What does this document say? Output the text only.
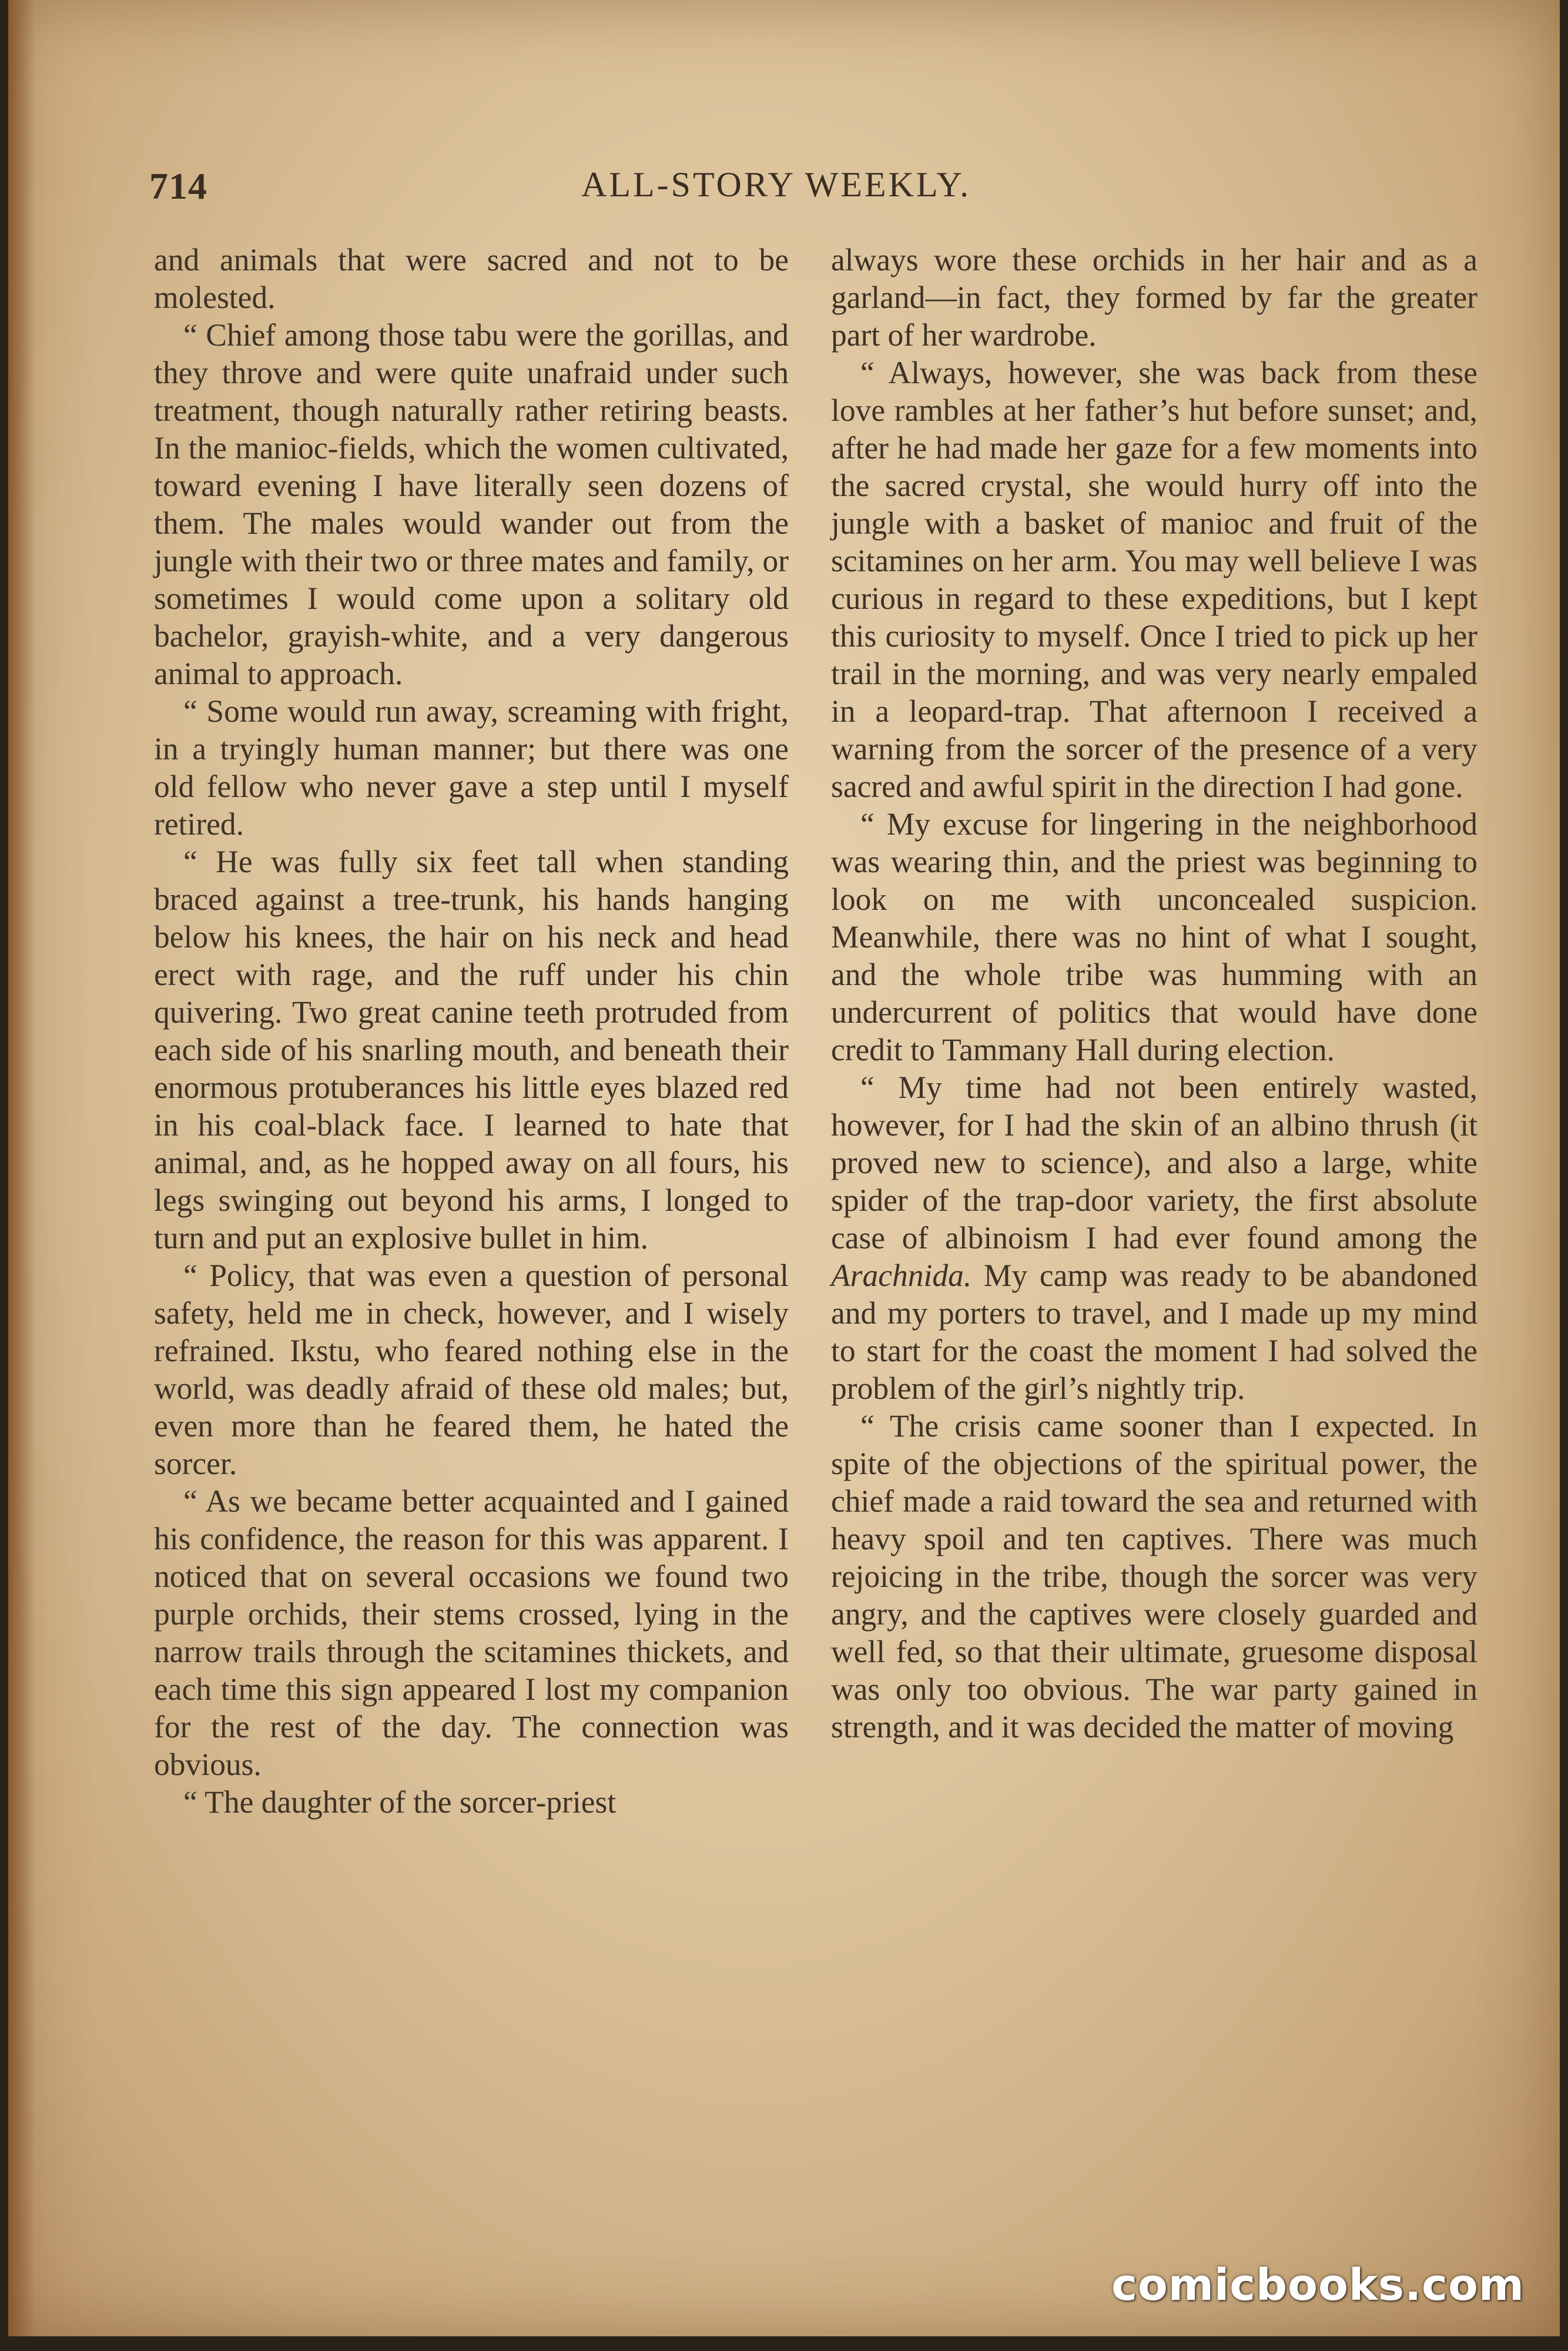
714	ALL-STORY WEEKLY.

and animals that were sacred and not to be molested.

“ Chief among those tabu were the gorillas, and they throve and were quite unafraid under such treatment, though naturally rather retiring beasts. In the manioc-fields, which the women cultivated, toward evening I have literally seen dozens of them. The males would wander out from the jungle with their two or three mates and family, or sometimes I would come upon a solitary old bachelor, grayish-white, and a very dangerous animal to approach.

“ Some would run away, screaming with fright, in a tryingly human manner; but there was one old fellow who never gave a step until I myself retired.

“ He was fully six feet tall when standing braced against a tree-trunk, his hands hanging below his knees, the hair on his neck and head erect with rage, and the ruff under his chin quivering. Two great canine teeth protruded from each side of his snarling mouth, and beneath their enormous protuberances his little eyes blazed red in his coal-black face. I learned to hate that animal, and, as he hopped away on all fours, his legs swinging out beyond his arms, I longed to turn and put an explosive bullet in him.

“ Policy, that was even a question of personal safety, held me in check, however, and I wisely refrained. Ikstu, who feared nothing else in the world, was deadly afraid of these old males; but, even more than he feared them, he hated the sorcer.

“ As we became better acquainted and I gained his confidence, the reason for this was apparent. I noticed that on several occasions we found two purple orchids, their stems crossed, lying in the narrow trails through the scitamines thickets, and each time this sign appeared I lost my companion for the rest of the day. The connection was obvious.

“ The daughter of the sorcer-priest

always wore these orchids in her hair and as a garland—in fact, they formed by far the greater part of her wardrobe.

“ Always, however, she was back from these love rambles at her father’s hut before sunset; and, after he had made her gaze for a few moments into the sacred crystal, she would hurry off into the jungle with a basket of manioc and fruit of the scitamines on her arm. You may well believe I was curious in regard to these expeditions, but I kept this curiosity to myself. Once I tried to pick up her trail in the morning, and was very nearly empaled in a leopard-trap. That afternoon I received a warning from the sorcer of the presence of a very sacred and awful spirit in the direction I had gone.

“ My excuse for lingering in the neighborhood was wearing thin, and the priest was beginning to look on me with unconcealed suspicion. Meanwhile, there was no hint of what I sought, and the whole tribe was humming with an undercurrent of politics that would have done credit to Tammany Hall during election.

“ My time had not been entirely wasted, however, for I had the skin of an albino thrush (it proved new to science), and also a large, white spider of the trap-door variety, the first absolute case of albinoism I had ever found among the Arachnida. My camp was ready to be abandoned and my porters to travel, and I made up my mind to start for the coast the moment I had solved the problem of the girl’s nightly trip.

“ The crisis came sooner than I expected. In spite of the objections of the spiritual power, the chief made a raid toward the sea and returned with heavy spoil and ten captives. There was much rejoicing in the tribe, though the sorcer was very angry, and the captives were closely guarded and well fed, so that their ultimate, gruesome disposal was only too obvious. The war party gained in strength, and it was decided the matter of moving

comicbooks.com
